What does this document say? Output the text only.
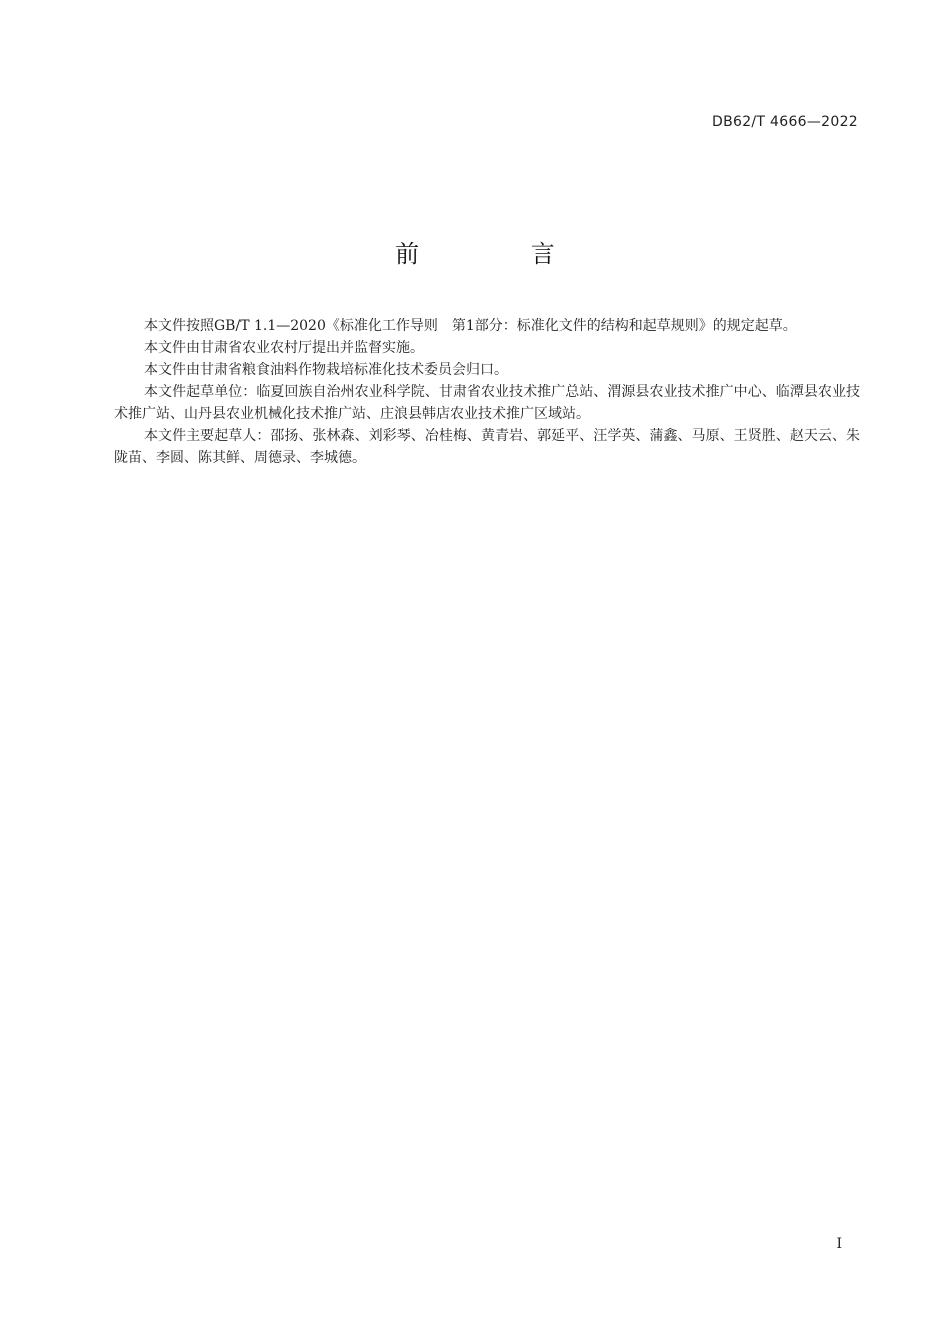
DB62/T 4666—2022
前 言

本文件按照GB/T 1.1—2020《标准化工作导则　第1部分：标准化文件的结构和起草规则》的规定起草。

本文件由甘肃省农业农村厅提出并监督实施。

本文件由甘肃省粮食油料作物栽培标准化技术委员会归口。

本文件起草单位：临夏回族自治州农业科学院、甘肃省农业技术推广总站、渭源县农业技术推广中心、临潭县农业技术推广站、山丹县农业机械化技术推广站、庄浪县韩店农业技术推广区域站。

本文件主要起草人：邵扬、张林森、刘彩琴、冶桂梅、黄青岩、郭延平、汪学英、蒲鑫、马原、王贤胜、赵天云、朱陇苗、李圆、陈其鲜、周德录、李城德。

I
